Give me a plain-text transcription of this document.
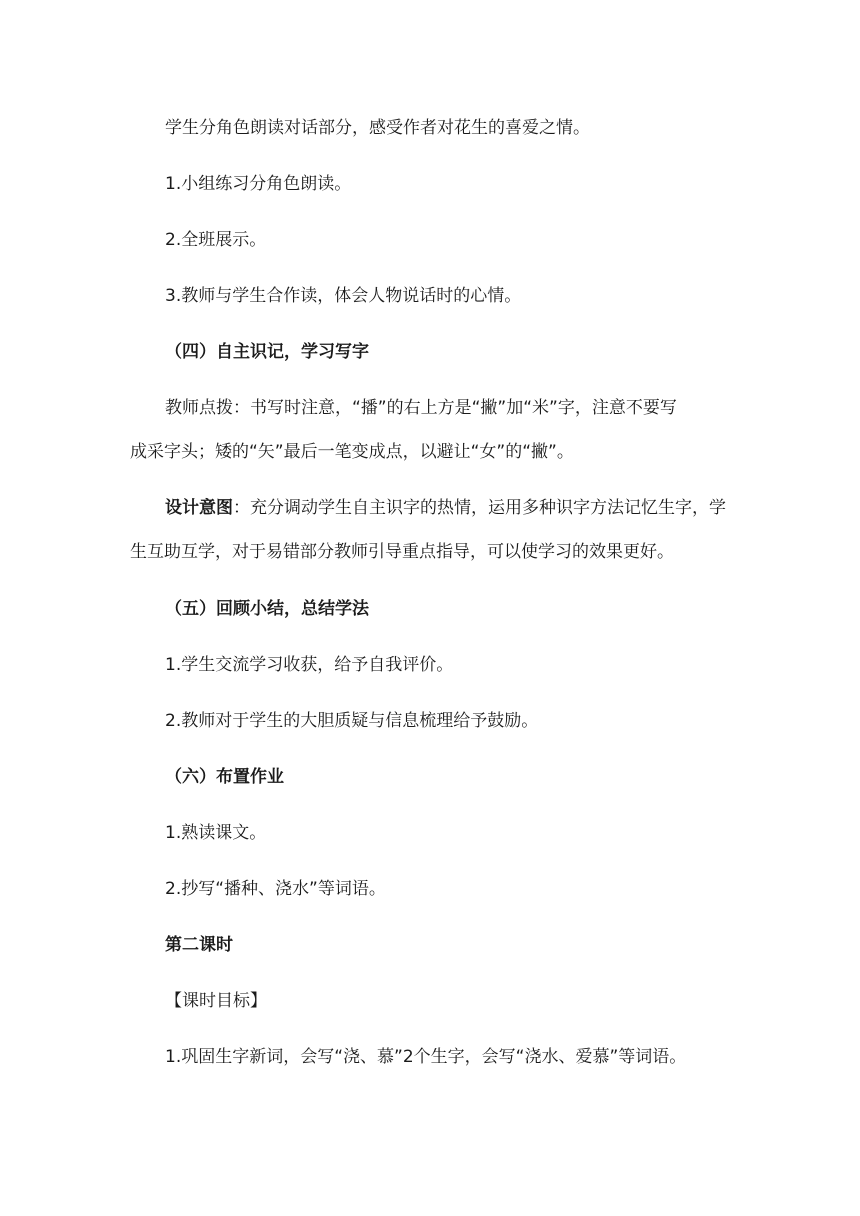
学生分角色朗读对话部分，感受作者对花生的喜爱之情。
1.小组练习分角色朗读。
2.全班展示。
3.教师与学生合作读，体会人物说话时的心情。
（四）自主识记，学习写字
教师点拨：书写时注意，“播”的右上方是“撇”加“米”字，注意不要写
成采字头；矮的“矢”最后一笔变成点，以避让“女”的“撇”。
设计意图：充分调动学生自主识字的热情，运用多种识字方法记忆生字，学
生互助互学，对于易错部分教师引导重点指导，可以使学习的效果更好。
（五）回顾小结，总结学法
1.学生交流学习收获，给予自我评价。
2.教师对于学生的大胆质疑与信息梳理给予鼓励。
（六）布置作业
1.熟读课文。
2.抄写“播种、浇水”等词语。
第二课时
【课时目标】
1.巩固生字新词，会写“浇、慕”2个生字，会写“浇水、爱慕”等词语。
